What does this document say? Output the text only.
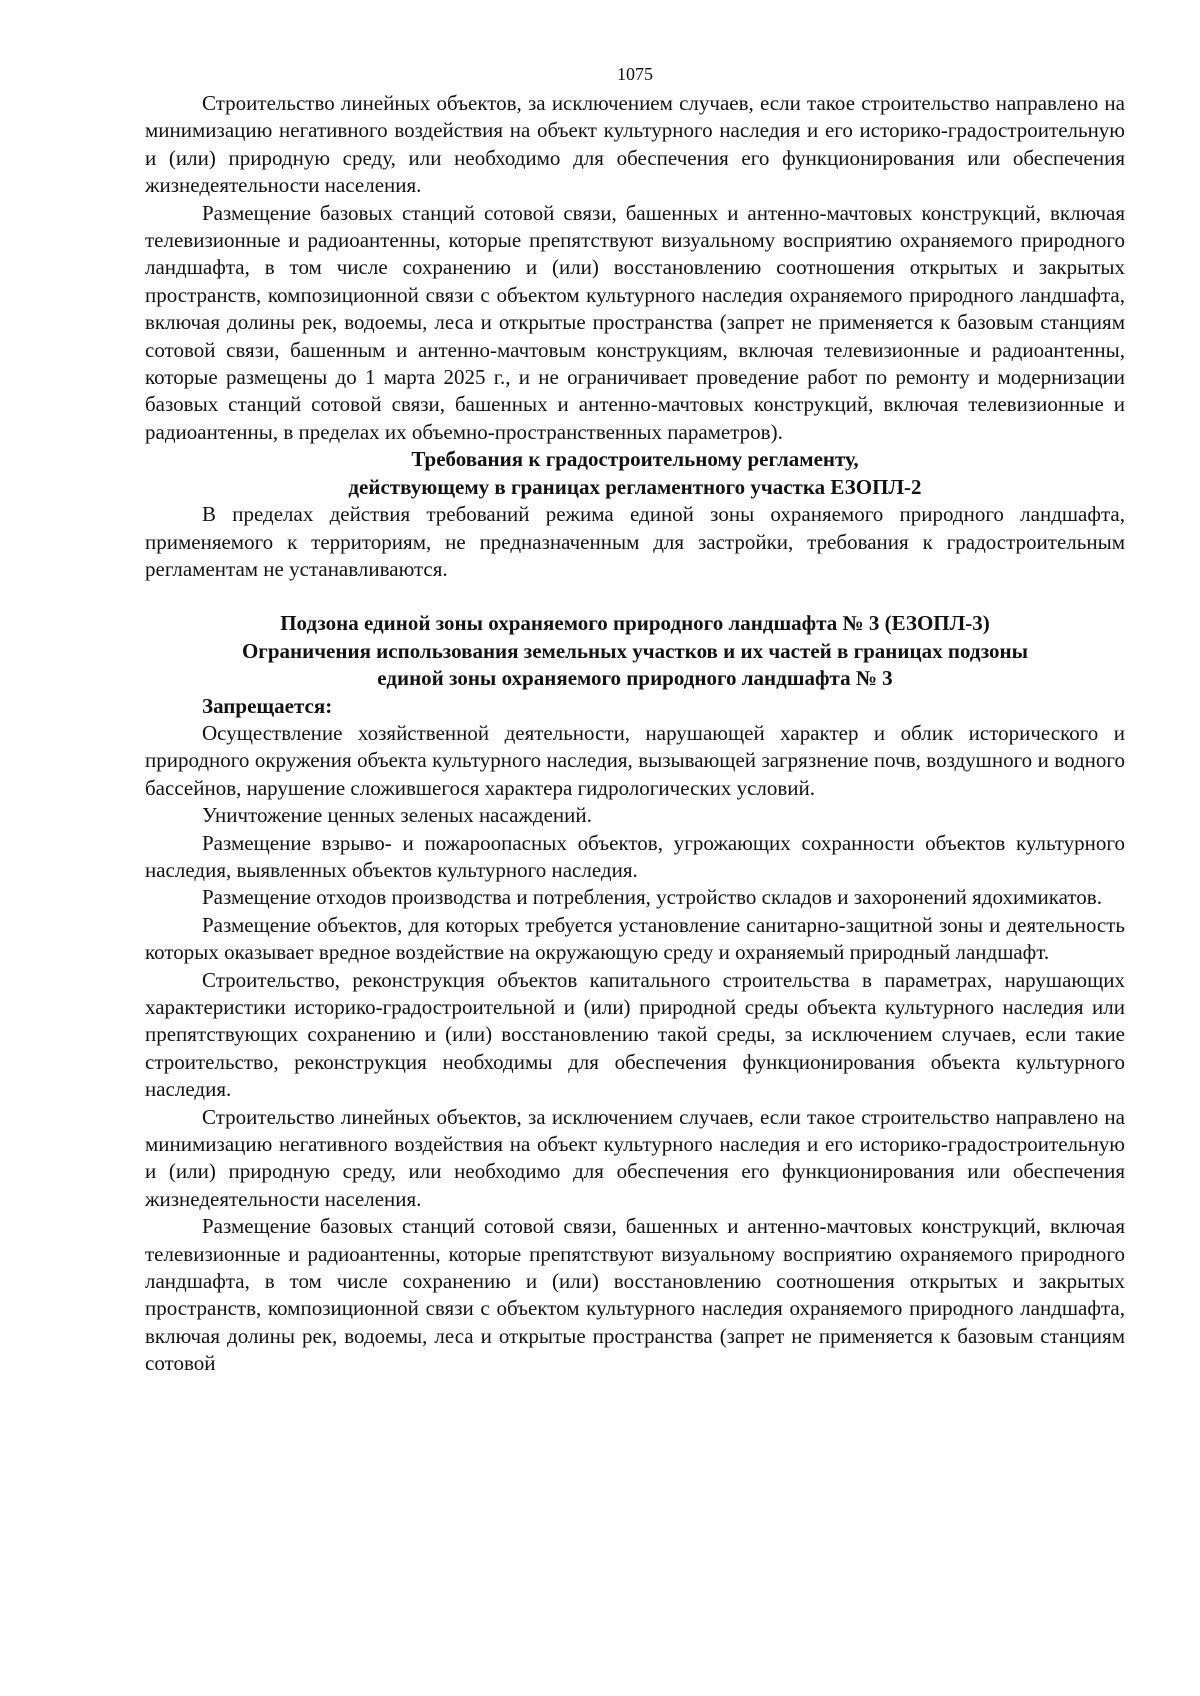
1075

Строительство линейных объектов, за исключением случаев, если такое строительство направлено на минимизацию негативного воздействия на объект культурного наследия и его историко-градостроительную и (или) природную среду, или необходимо для обеспечения его функционирования или обеспечения жизнедеятельности населения.

Размещение базовых станций сотовой связи, башенных и антенно-мачтовых конструкций, включая телевизионные и радиоантенны, которые препятствуют визуальному восприятию охраняемого природного ландшафта, в том числе сохранению и (или) восстановлению соотношения открытых и закрытых пространств, композиционной связи с объектом культурного наследия охраняемого природного ландшафта, включая долины рек, водоемы, леса и открытые пространства (запрет не применяется к базовым станциям сотовой связи, башенным и антенно-мачтовым конструкциям, включая телевизионные и радиоантенны, которые размещены до 1 марта 2025 г., и не ограничивает проведение работ по ремонту и модернизации базовых станций сотовой связи, башенных и антенно-мачтовых конструкций, включая телевизионные и радиоантенны, в пределах их объемно-пространственных параметров).

Требования к градостроительному регламенту,

действующему в границах регламентного участка ЕЗОПЛ-2

В пределах действия требований режима единой зоны охраняемого природного ландшафта, применяемого к территориям, не предназначенным для застройки, требования к градостроительным регламентам не устанавливаются.

Подзона единой зоны охраняемого природного ландшафта № 3 (ЕЗОПЛ-3)

Ограничения использования земельных участков и их частей в границах подзоны

единой зоны охраняемого природного ландшафта № 3

Запрещается:

Осуществление хозяйственной деятельности, нарушающей характер и облик исторического и природного окружения объекта культурного наследия, вызывающей загрязнение почв, воздушного и водного бассейнов, нарушение сложившегося характера гидрологических условий.

Уничтожение ценных зеленых насаждений.

Размещение взрыво- и пожароопасных объектов, угрожающих сохранности объектов культурного наследия, выявленных объектов культурного наследия.

Размещение отходов производства и потребления, устройство складов и захоронений ядохимикатов.

Размещение объектов, для которых требуется установление санитарно-защитной зоны и деятельность которых оказывает вредное воздействие на окружающую среду и охраняемый природный ландшафт.

Строительство, реконструкция объектов капитального строительства в параметрах, нарушающих характеристики историко-градостроительной и (или) природной среды объекта культурного наследия или препятствующих сохранению и (или) восстановлению такой среды, за исключением случаев, если такие строительство, реконструкция необходимы для обеспечения функционирования объекта культурного наследия.

Строительство линейных объектов, за исключением случаев, если такое строительство направлено на минимизацию негативного воздействия на объект культурного наследия и его историко-градостроительную и (или) природную среду, или необходимо для обеспечения его функционирования или обеспечения жизнедеятельности населения.

Размещение базовых станций сотовой связи, башенных и антенно-мачтовых конструкций, включая телевизионные и радиоантенны, которые препятствуют визуальному восприятию охраняемого природного ландшафта, в том числе сохранению и (или) восстановлению соотношения открытых и закрытых пространств, композиционной связи с объектом культурного наследия охраняемого природного ландшафта, включая долины рек, водоемы, леса и открытые пространства (запрет не применяется к базовым станциям сотовой
